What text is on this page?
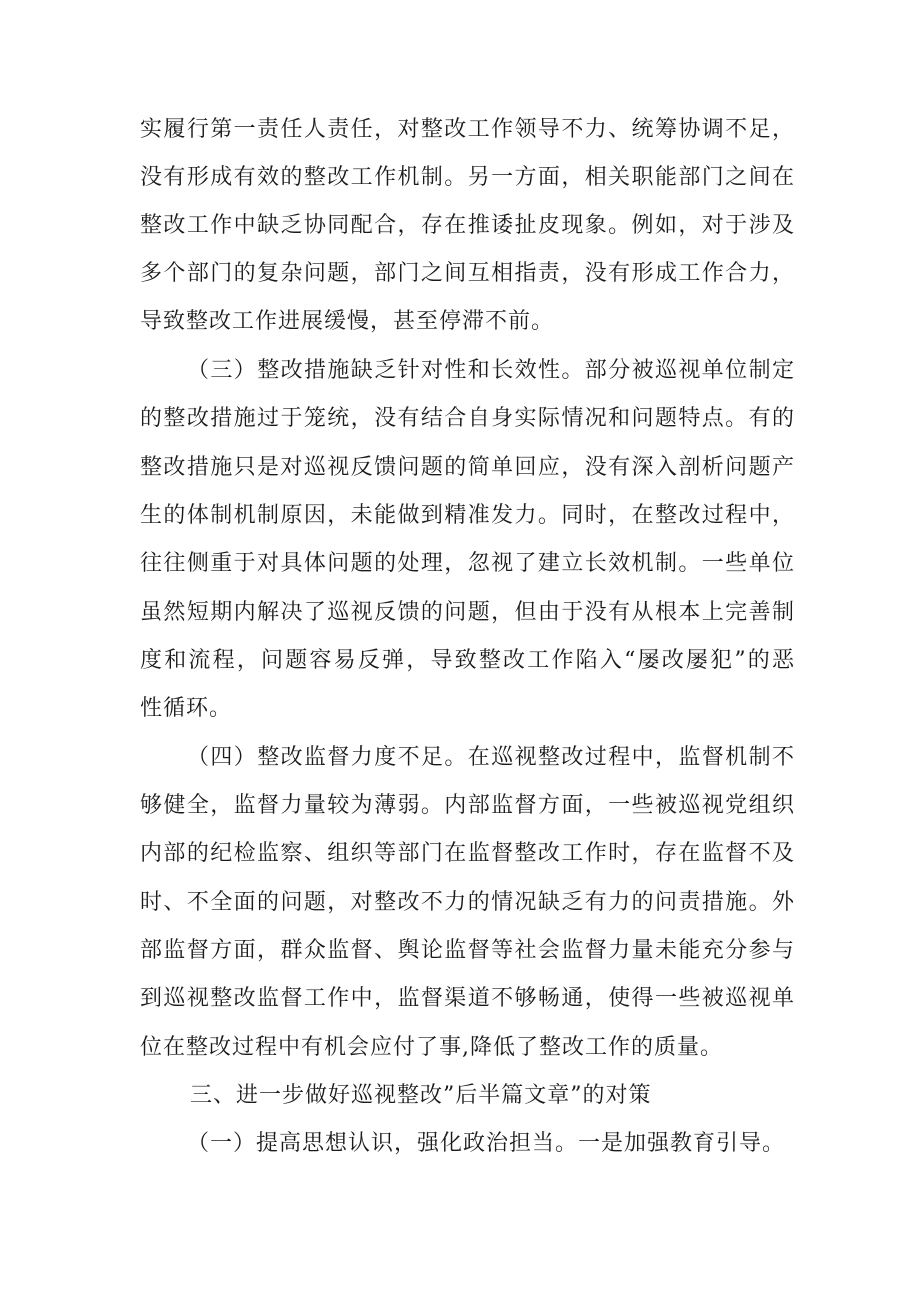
实履行第一责任人责任，对整改工作领导不力、统筹协调不足，
没有形成有效的整改工作机制。另一方面，相关职能部门之间在
整改工作中缺乏协同配合，存在推诿扯皮现象。例如，对于涉及
多个部门的复杂问题，部门之间互相指责，没有形成工作合力，
导致整改工作进展缓慢，甚至停滞不前。
（三）整改措施缺乏针对性和长效性。部分被巡视单位制定
的整改措施过于笼统，没有结合自身实际情况和问题特点。有的
整改措施只是对巡视反馈问题的简单回应，没有深入剖析问题产
生的体制机制原因，未能做到精准发力。同时，在整改过程中，
往往侧重于对具体问题的处理，忽视了建立长效机制。一些单位
虽然短期内解决了巡视反馈的问题，但由于没有从根本上完善制
度和流程，问题容易反弹，导致整改工作陷入“屡改屡犯”的恶
性循环。
（四）整改监督力度不足。在巡视整改过程中，监督机制不
够健全，监督力量较为薄弱。内部监督方面，一些被巡视党组织
内部的纪检监察、组织等部门在监督整改工作时，存在监督不及
时、不全面的问题，对整改不力的情况缺乏有力的问责措施。外
部监督方面，群众监督、舆论监督等社会监督力量未能充分参与
到巡视整改监督工作中，监督渠道不够畅通，使得一些被巡视单
位在整改过程中有机会应付了事,降低了整改工作的质量。
三、进一步做好巡视整改”后半篇文章”的对策
（一）提高思想认识，强化政治担当。一是加强教育引导。
